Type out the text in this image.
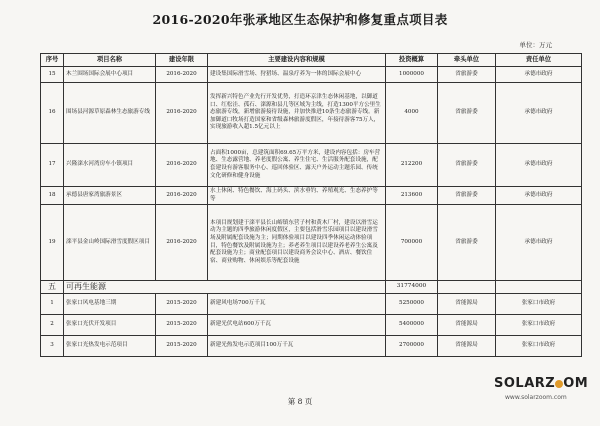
2016-2020年张承地区生态保护和修复重点项目表
单位：万元
序号	项目名称	建设年限	主要建设内容和规模	投资概算	牵头单位	责任单位
15	木兰围场国际会展中心项目	2016-2020	建设集国际滑雪场、狩猎场、温泉疗养为一体的国际会展中心	1000000	省旅游委	承德市政府
16	围场县河源草原森林生态旅游专线	2016-2020	发挥新兴特色产业先行开发优势，打造环京津生态休闲基地，以御道口、红松洼、孤石、滦源和县几等区域为主线，打造1300平方公里生态旅游专线，新增旅游接待设施，并加快推进10条生态旅游专线。新加御道口牧场打造国家和省级森林旅游度假区，年接待游客75万人，实现旅游收入超1.5亿元以上	4000	省旅游委	承德市政府
17	兴隆滦水河湾房车小镇项目	2016-2020	占面积1000亩，总建筑面积69.65万平方米，建设内容包括：房车营地、生态露营地、养老度假公寓、养生住宅、生活服务配套设施，配套建设有游客服务中心、巡回体验区、露天户外运动主题乐园、传统文化研修和健身设施	212200	省旅游委	承德市政府
18	承德县唐家湾旅游景区	2016-2020	水上休闲、特色餐饮、海上码头、滨水垂钓、养殖观光、生态养护等等	213600	省旅游委	承德市政府
19	滦平县金山岭国际滑雪度假区项目	2016-2020	本项目规划建于滦平县长山峪镇东营子村和黄木厂村，建设以滑雪运动为主题的四季旅游休闲度假区，主要包括滑雪乐园项目以建设滑雪场及附属配套设施为主；同期体验项目以建设四季休闲运动体验项目，特色餐饮及附属设施为主；养老养生项目以建设养老养生公寓及配套设施为主；商业配套项目以建设商务会议中心、酒店、餐饮住宿、商业购物、休闲娱乐等配套设施	700000	省旅游委	承德市政府
五	可再生能源			31774000		
1	张家口风电基地三期	2015-2020	新建风电场700万千瓦	5250000	省能源局	张家口市政府
2	张家口光伏开发项目	2015-2020	新建光伏电站600万千瓦	5400000	省能源局	张家口市政府
3	张家口光热发电示范项目	2015-2020	新建光热发电示范项目100万千瓦	2700000	省能源局	张家口市政府
SOLARZ OM
www.solarzoom.com
第 8 页
